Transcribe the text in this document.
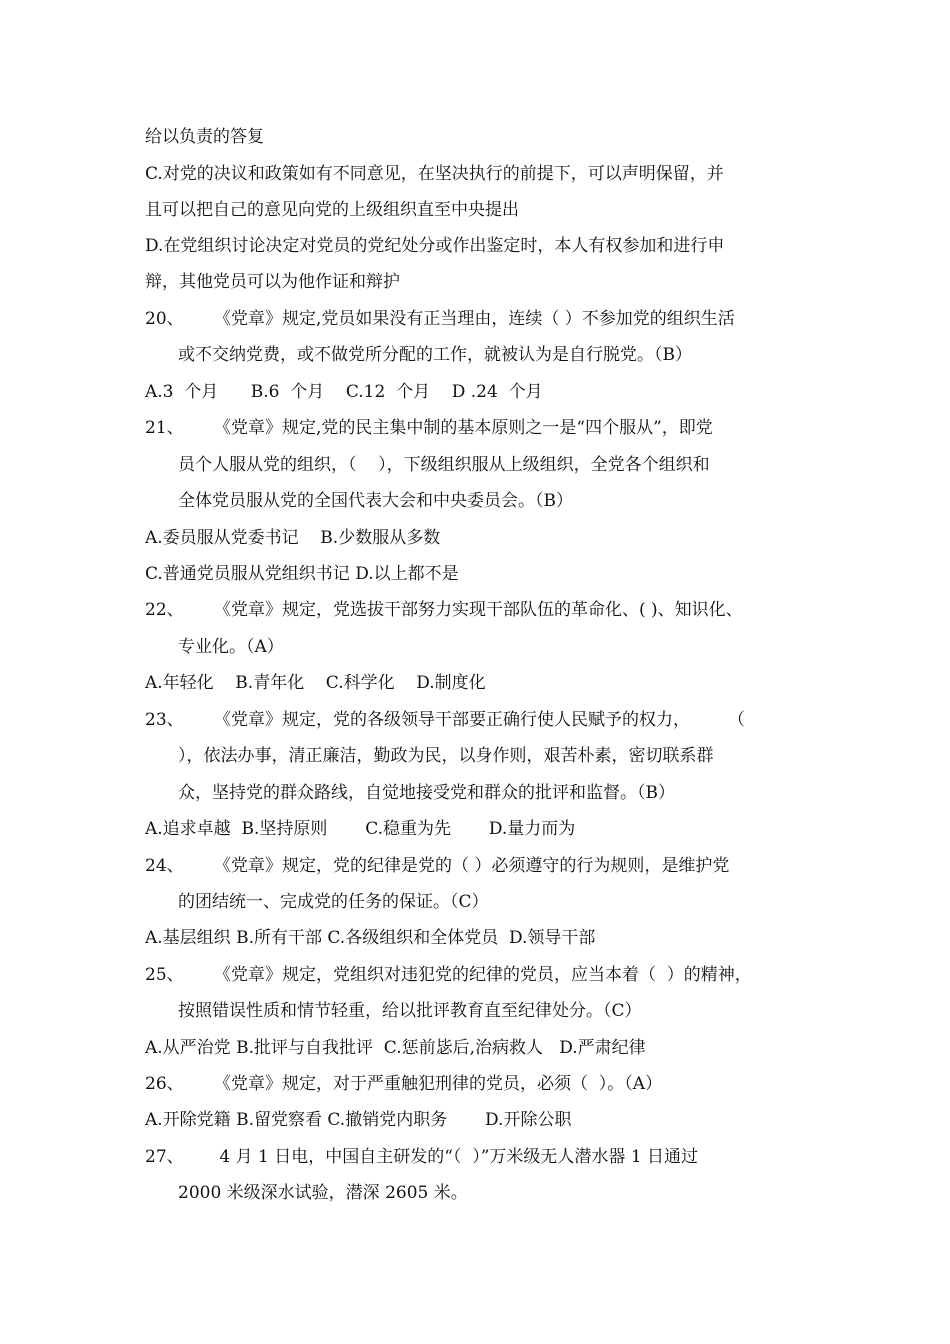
给以负责的答复
C.对党的决议和政策如有不同意见，在坚决执行的前提下，可以声明保留，并
且可以把自己的意见向党的上级组织直至中央提出
D.在党组织讨论决定对党员的党纪处分或作出鉴定时，本人有权参加和进行申
辩，其他党员可以为他作证和辩护
20、 《党章》规定,党员如果没有正当理由，连续（ ）不参加党的组织生活
或不交纳党费，或不做党所分配的工作，就被认为是自行脱党。（B）
A.3  个月      B.6  个月    C.12  个月    D .24  个月
21、 《党章》规定,党的民主集中制的基本原则之一是“四个服从”，即党
员个人服从党的组织，（    ），下级组织服从上级组织，全党各个组织和
全体党员服从党的全国代表大会和中央委员会。（B）
A.委员服从党委书记    B.少数服从多数
C.普通党员服从党组织书记 D.以上都不是
22、 《党章》规定，党选拔干部努力实现干部队伍的革命化、( )、知识化、
专业化。（A）
A.年轻化    B.青年化    C.科学化    D.制度化
23、 《党章》规定，党的各级领导干部要正确行使人民赋予的权力，       （
），依法办事，清正廉洁，勤政为民，以身作则，艰苦朴素，密切联系群
众，坚持党的群众路线，自觉地接受党和群众的批评和监督。（B）
A.追求卓越  B.坚持原则       C.稳重为先       D.量力而为
24、 《党章》规定，党的纪律是党的（ ）必须遵守的行为规则，是维护党
的团结统一、完成党的任务的保证。（C）
A.基层组织 B.所有干部 C.各级组织和全体党员  D.领导干部
25、 《党章》规定，党组织对违犯党的纪律的党员，应当本着（  ）的精神，
按照错误性质和情节轻重，给以批评教育直至纪律处分。（C）
A.从严治党 B.批评与自我批评  C.惩前毖后,治病救人   D.严肃纪律
26、 《党章》规定，对于严重触犯刑律的党员，必须（  ）。（A）
A.开除党籍 B.留党察看 C.撤销党内职务       D.开除公职
27、 4 月 1 日电，中国自主研发的“（  ）”万米级无人潜水器 1 日通过
2000 米级深水试验，潜深 2605 米。
